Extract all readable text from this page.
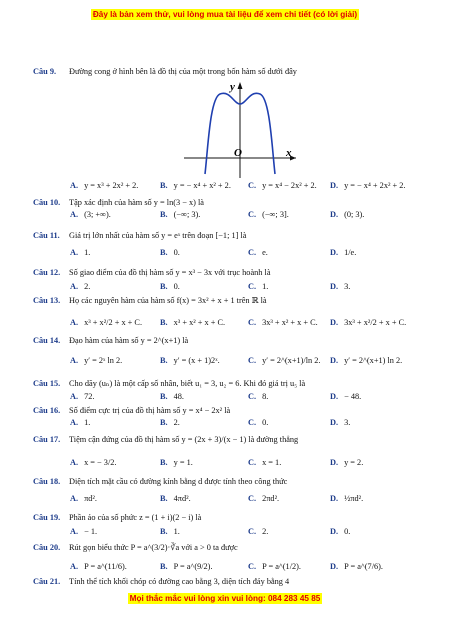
Đây là bản xem thử, vui lòng mua tài liệu để xem chi tiết (có lời giải)
Câu 9. Đường cong ở hình bên là đồ thị của một trong bốn hàm số dưới đây
y
O	x
A. y = x³ + 2x² + 2.	B. y = − x⁴ + x² + 2. C. y = x⁴ − 2x² + 2. D. y = − x⁴ + 2x² + 2.
Câu 10. Tập xác định của hàm số y = ln(3 − x) là
A. (3; +∞).	B. (−∞; 3).	C. (−∞; 3].	D. (0; 3).
Câu 11. Giá trị lớn nhất của hàm số y = eˣ trên đoạn [−1; 1] là
A. 1.	B. 0.	C. e.	D. 1/e.
Câu 12. Số giao điểm của đồ thị hàm số y = x³ − 3x với trục hoành là
A. 2.	B. 0.	C. 1.	D. 3.
Câu 13. Họ các nguyên hàm của hàm số f(x) = 3x² + x + 1 trên ℝ là
A. x³ + x²/2 + x + C. B. x³ + x² + x + C.	C. 3x³ + x² + x + C. D. 3x³ + x²/2 + x + C.
Câu 14. Đạo hàm của hàm số y = 2^(x+1) là
A. y′ = 2ˣ ln 2.	B. y′ = (x + 1)2ˣ.	C. y′ = 2^(x+1)/ln 2. D. y′ = 2^(x+1) ln 2.
Câu 15. Cho dãy (uₙ) là một cấp số nhân, biết u₁ = 3, u₂ = 6. Khi đó giá trị u₅ là
A. 72.	B. 48.	C. 8.	D. − 48.
Câu 16. Số điểm cực trị của đồ thị hàm số y = x⁴ − 2x² là
A. 1.	B. 2.	C. 0.	D. 3.
Câu 17. Tiệm cận đứng của đồ thị hàm số y = (2x + 3)/(x − 1) là đường thẳng
A. x = − 3/2.	B. y = 1.	C. x = 1.	D. y = 2.
Câu 18. Diện tích mặt cầu có đường kính bằng d được tính theo công thức
A. πd².	B. 4πd².	C. 2πd².	D. ½πd².
Câu 19. Phần ảo của số phức z = (1 + i)(2 − i) là
A. − 1.	B. 1.	C. 2.	D. 0.
Câu 20. Rút gọn biểu thức P = a^(3/2)·∛a với a > 0 ta được
A. P = a^(11/6).	B. P = a^(9/2).	C. P = a^(1/2).	D. P = a^(7/6).
Câu 21. Tính thể tích khối chóp có đường cao bằng 3, diện tích đáy bằng 4
Mọi thắc mắc vui lòng xin vui lòng: 084 283 45 85
